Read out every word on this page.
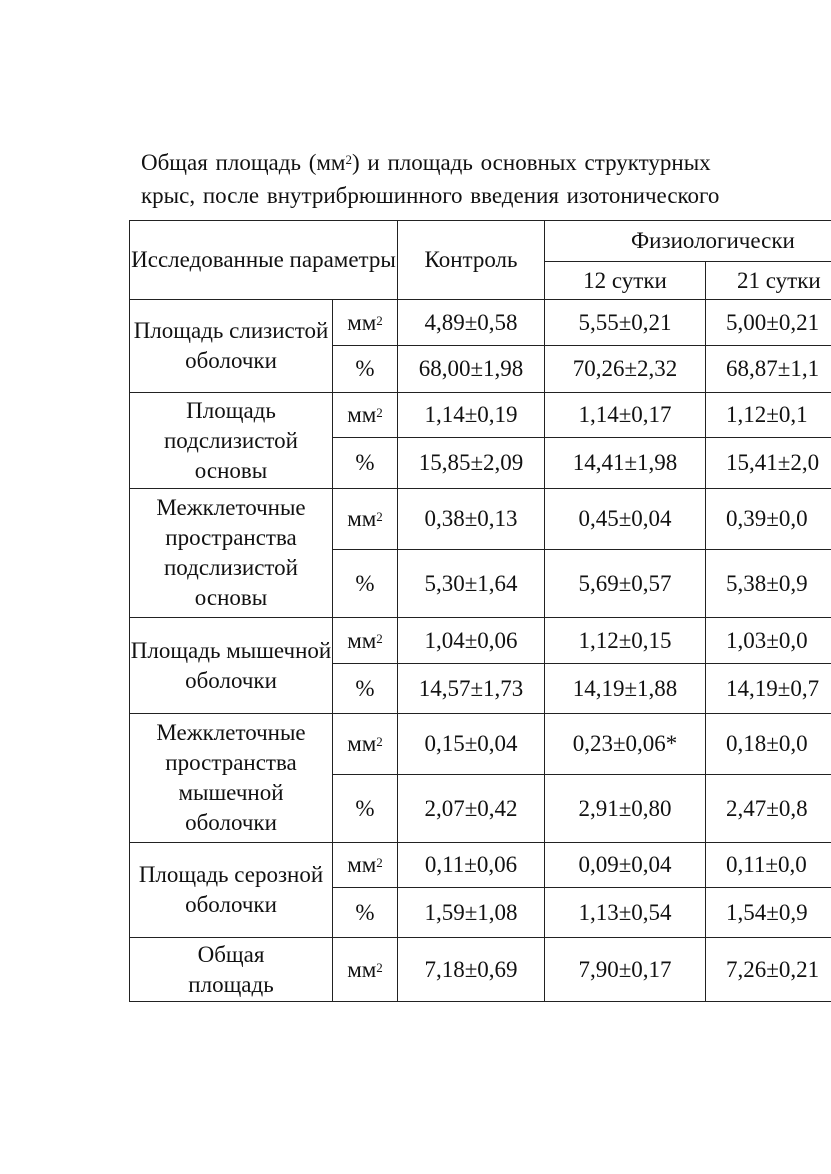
Общая площадь $(мм^2)$ и площадь основных структурных
крыс, после внутрибрюшинного введения изотонического
Исследованные параметры		Контроль	Физиологически	
			12 сутки	21 сутки
Площадь слизистой оболочки	$мм^2$	4,89±0,58	5,55±0,21	5,00±0,21
	%	68,00±1,98	70,26±2,32	68,87±1,1
Площадь подслизистой основы	$мм^2$	1,14±0,19	1,14±0,17	1,12±0,1
	%	15,85±2,09	14,41±1,98	15,41±2,0
Межклеточные пространства подслизистой основы	$мм^2$	0,38±0,13	0,45±0,04	0,39±0,0
	%	5,30±1,64	5,69±0,57	5,38±0,9
Площадь мышечной оболочки	$мм^2$	1,04±0,06	1,12±0,15	1,03±0,0
	%	14,57±1,73	14,19±1,88	14,19±0,7
Межклеточные пространства мышечной оболочки	$мм^2$	0,15±0,04	0,23±0,06*	0,18±0,0
	%	2,07±0,42	2,91±0,80	2,47±0,8
Площадь серозной оболочки	$мм^2$	0,11±0,06	0,09±0,04	0,11±0,0
	%	1,59±1,08	1,13±0,54	1,54±0,9
Общая площадь	$мм^2$	7,18±0,69	7,90±0,17	7,26±0,21
